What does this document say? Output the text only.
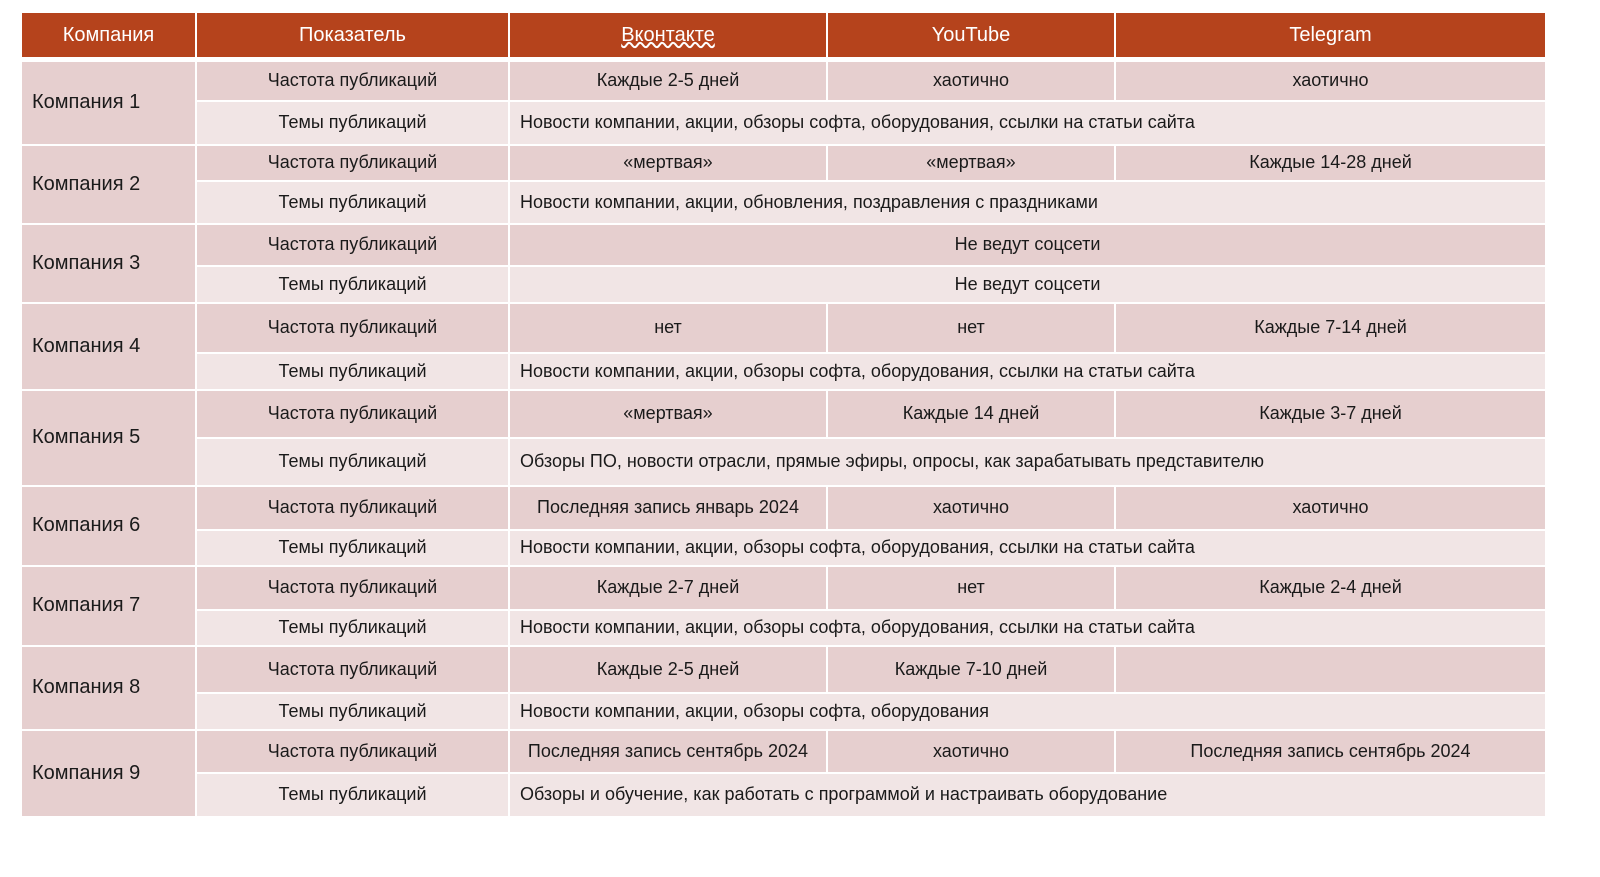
Компания	Показатель	Вконтакте	YouTube	Telegram
Компания 1	Частота публикаций	Каждые 2-5 дней	хаотично	хаотично
	Темы публикаций	Новости компании, акции, обзоры софта, оборудования, ссылки на статьи сайта		
Компания 2	Частота публикаций	«мертвая»	«мертвая»	Каждые 14-28 дней
	Темы публикаций	Новости компании, акции, обновления, поздравления с праздниками		
Компания 3	Частота публикаций	Не ведут соцсети		
	Темы публикаций	Не ведут соцсети		
Компания 4	Частота публикаций	нет	нет	Каждые 7-14 дней
	Темы публикаций	Новости компании, акции, обзоры софта, оборудования, ссылки на статьи сайта		
Компания 5	Частота публикаций	«мертвая»	Каждые 14 дней	Каждые 3-7 дней
	Темы публикаций	Обзоры ПО, новости отрасли, прямые эфиры, опросы, как зарабатывать представителю		
Компания 6	Частота публикаций	Последняя запись январь 2024	хаотично	хаотично
	Темы публикаций	Новости компании, акции, обзоры софта, оборудования, ссылки на статьи сайта		
Компания 7	Частота публикаций	Каждые 2-7 дней	нет	Каждые 2-4 дней
	Темы публикаций	Новости компании, акции, обзоры софта, оборудования, ссылки на статьи сайта		
Компания 8	Частота публикаций	Каждые 2-5 дней	Каждые 7-10 дней	
	Темы публикаций	Новости компании, акции, обзоры софта, оборудования		
Компания 9	Частота публикаций	Последняя запись сентябрь 2024	хаотично	Последняя запись сентябрь 2024
	Темы публикаций	Обзоры и обучение, как работать с программой и настраивать оборудование		
